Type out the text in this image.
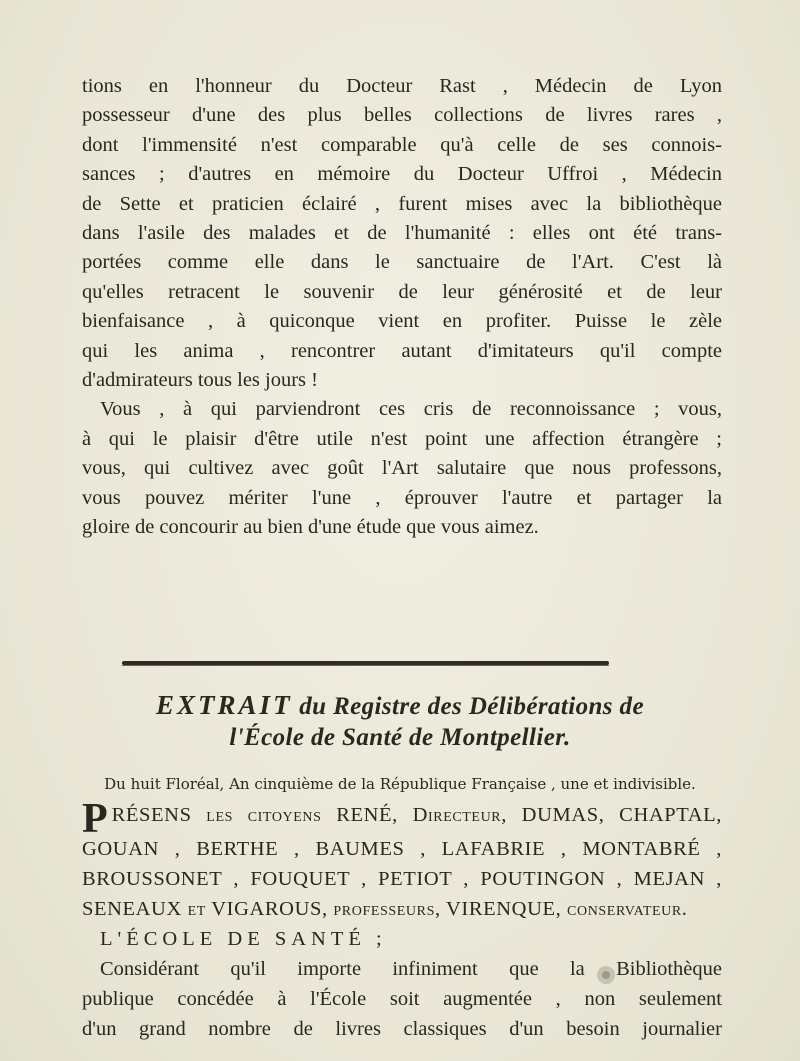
tions en l'honneur du Docteur Rast , Médecin de Lyon
possesseur d'une des plus belles collections de livres rares ,
dont l'immensité n'est comparable qu'à celle de ses connois-
sances ; d'autres en mémoire du Docteur Uffroi , Médecin
de Sette et praticien éclairé , furent mises avec la bibliothèque
dans l'asile des malades et de l'humanité : elles ont été trans-
portées comme elle dans le sanctuaire de l'Art. C'est là
qu'elles retracent le souvenir de leur générosité et de leur
bienfaisance , à quiconque vient en profiter. Puisse le zèle
qui les anima , rencontrer autant d'imitateurs qu'il compte
d'admirateurs tous les jours !
Vous , à qui parviendront ces cris de reconnoissance ; vous,
à qui le plaisir d'être utile n'est point une affection étrangère ;
vous, qui cultivez avec goût l'Art salutaire que nous professons,
vous pouvez mériter l'une , éprouver l'autre et partager la
gloire de concourir au bien d'une étude que vous aimez.
EXTRAIT du Registre des Délibérations de
l'École de Santé de Montpellier.
Du huit Floréal, An cinquième de la République Française , une et indivisible.
P RÉSENS les citoyens RENÉ, Directeur, DUMAS, CHAPTAL,
GOUAN , BERTHE , BAUMES , LAFABRIE , MONTABRÉ ,
BROUSSONET , FOUQUET , PETIOT , POUTINGON , MEJAN ,
SENEAUX et VIGAROUS, professeurs, VIRENQUE, conservateur.
L'ÉCOLE DE SANTÉ ;
Considérant qu'il importe infiniment que la Bibliothèque
publique concédée à l'École soit augmentée , non seulement
d'un grand nombre de livres classiques d'un besoin journalier
